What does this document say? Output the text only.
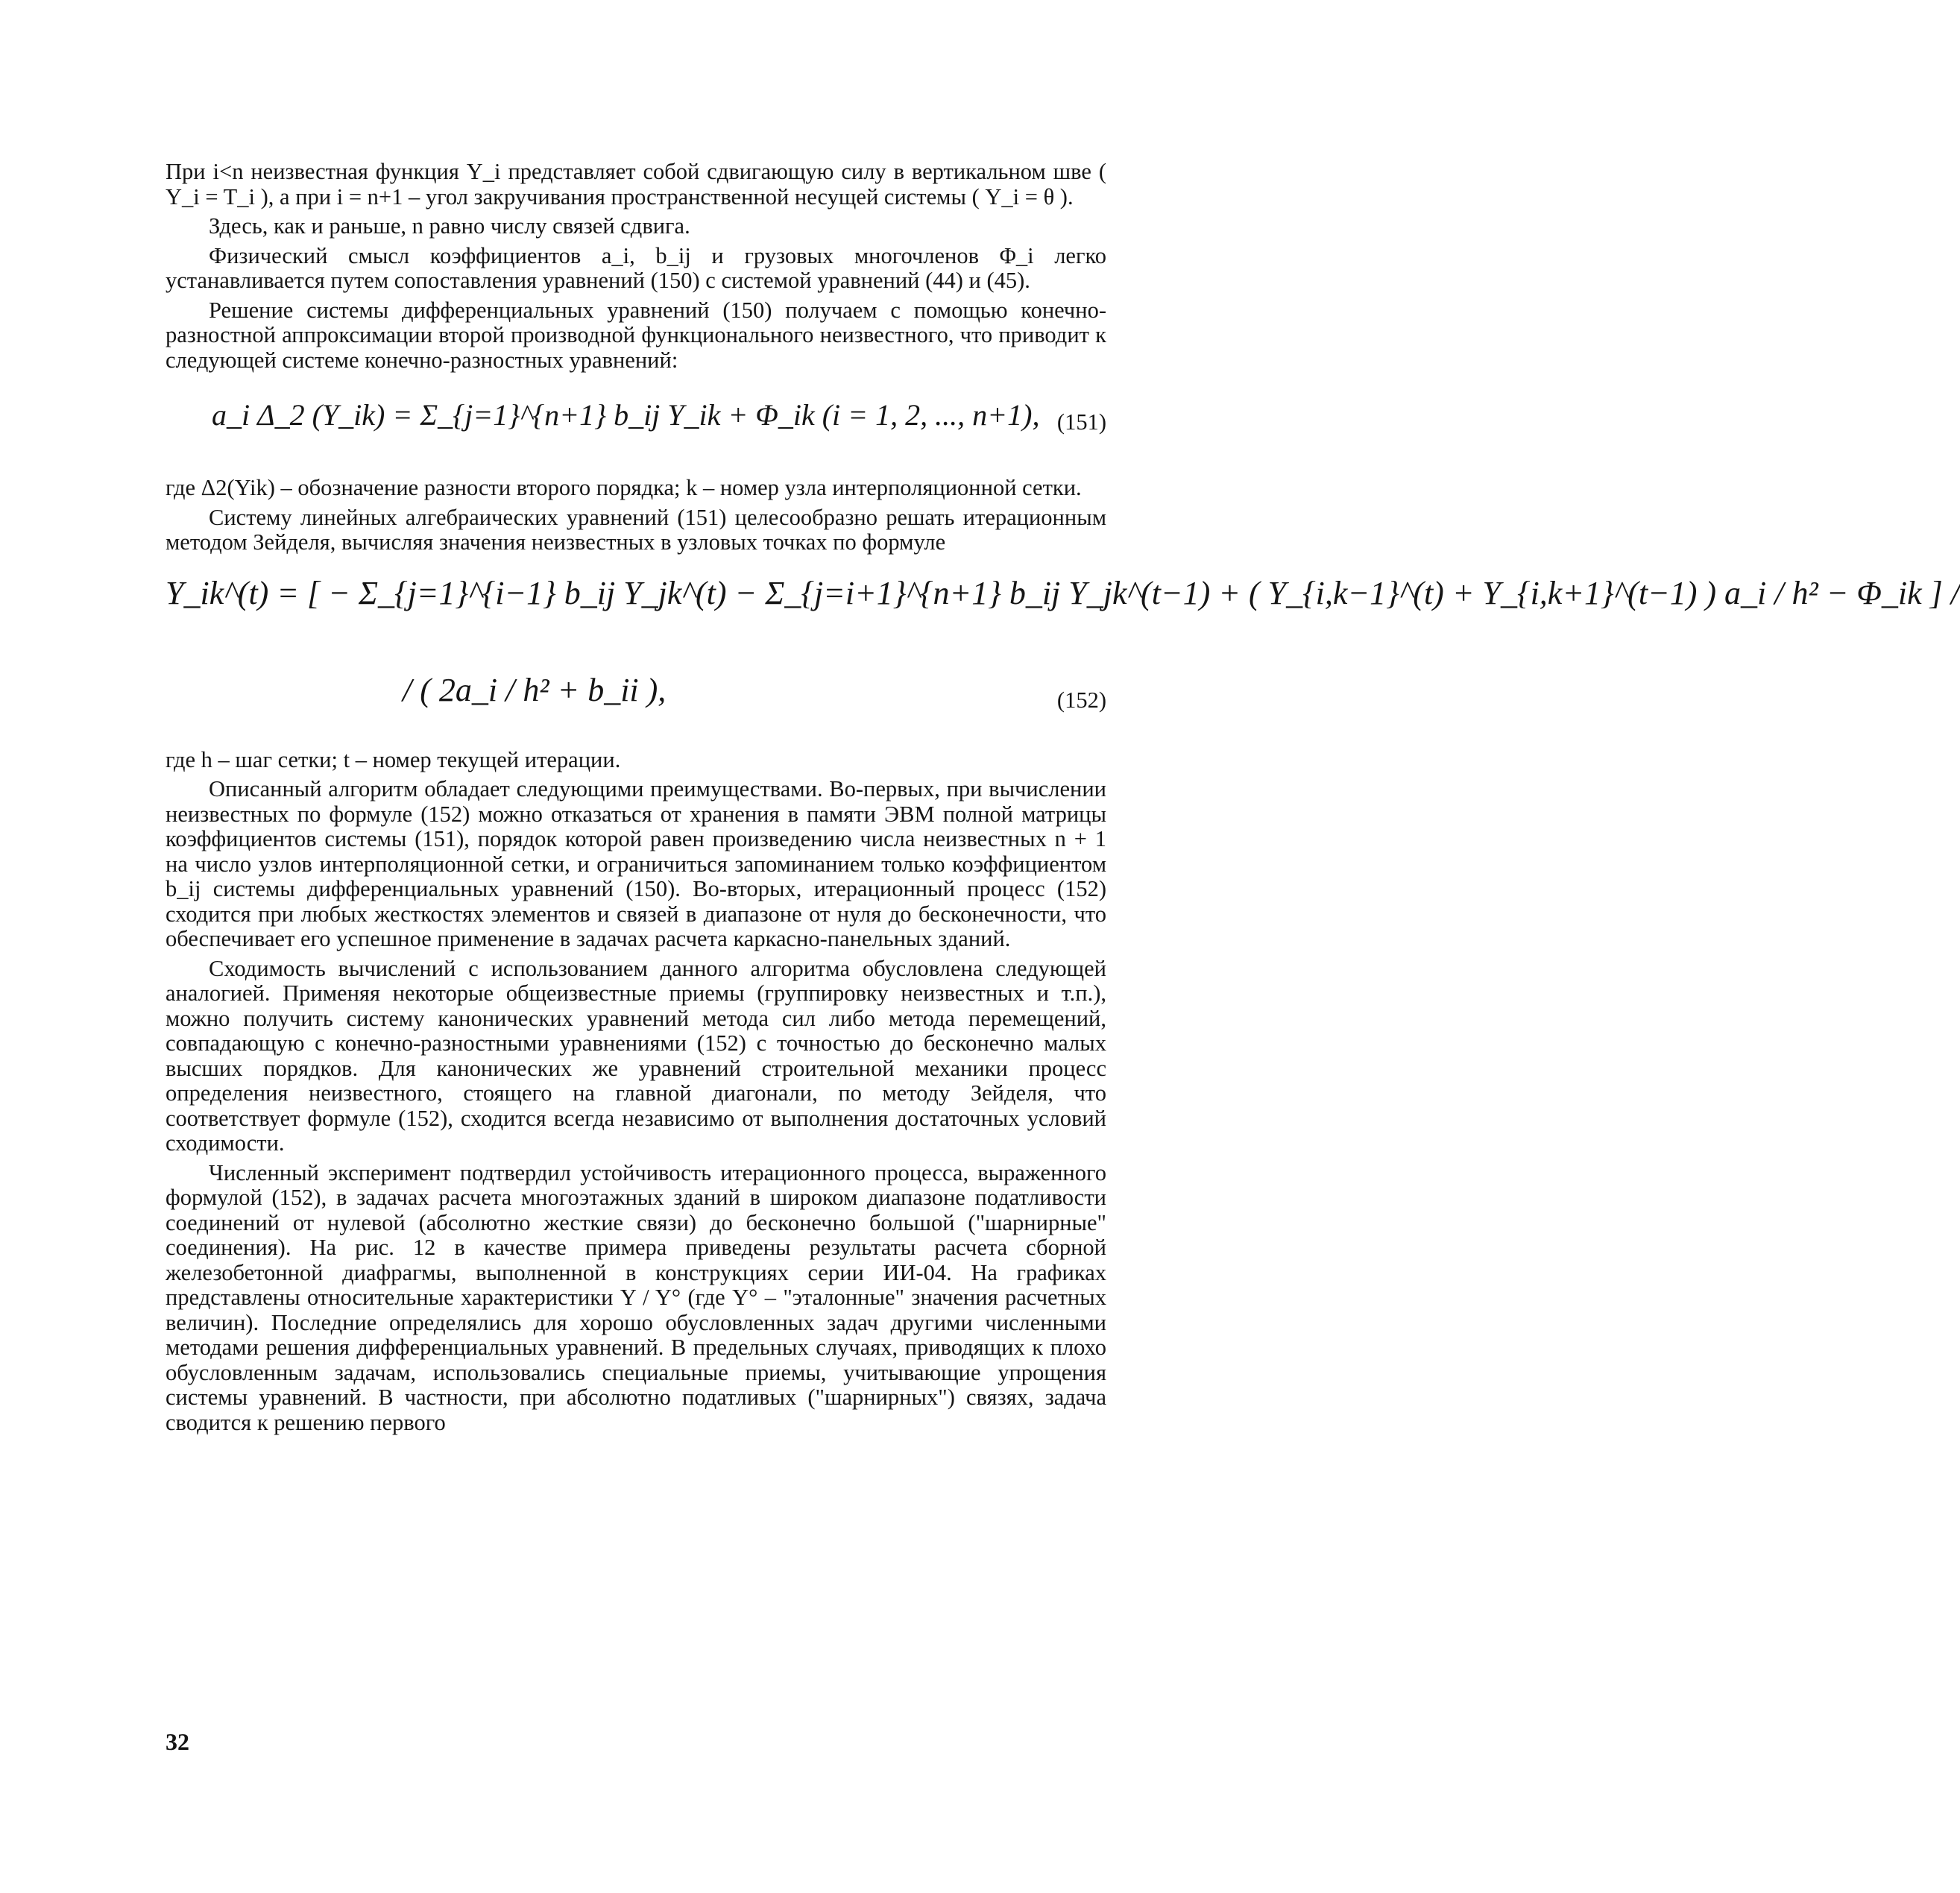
При i<n неизвестная функция Y_i представляет собой сдвигающую силу в вертикальном шве ( Y_i = T_i ), а при i = n+1 – угол закручивания пространственной несущей системы ( Y_i = θ ).

Здесь, как и раньше, n равно числу связей сдвига.

Физический смысл коэффициентов a_i, b_ij и грузовых многочленов Φ_i легко устанавливается путем сопоставления уравнений (150) с системой уравнений (44) и (45).

Решение системы дифференциальных уравнений (150) получаем с помощью конечно-разностной аппроксимации второй производной функционального неизвестного, что приводит к следующей системе конечно-разностных уравнений:

a_i Δ_2 (Y_ik) = Σ_{j=1}^{n+1} b_ij Y_ik + Φ_ik (i = 1, 2, ..., n+1), (151)

где Δ2(Yik) – обозначение разности второго порядка; k – номер узла интерполяционной сетки.

Систему линейных алгебраических уравнений (151) целесообразно решать итерационным методом Зейделя, вычисляя значения неизвестных в узловых точках по формуле

Y_ik^(t) = [ − Σ_{j=1}^{i−1} b_ij Y_jk^(t) − Σ_{j=i+1}^{n+1} b_ij Y_jk^(t−1) + ( Y_{i,k−1}^(t) + Y_{i,k+1}^(t−1) ) a_i / h² − Φ_ik ] /
/ ( 2a_i / h² + b_ii ),	(152)

где h – шаг сетки; t – номер текущей итерации.

Описанный алгоритм обладает следующими преимуществами. Во-первых, при вычислении неизвестных по формуле (152) можно отказаться от хранения в памяти ЭВМ полной матрицы коэффициентов системы (151), порядок которой равен произведению числа неизвестных n + 1 на число узлов интерполяционной сетки, и ограничиться запоминанием только коэффициентом b_ij системы дифференциальных уравнений (150). Во-вторых, итерационный процесс (152) сходится при любых жесткостях элементов и связей в диапазоне от нуля до бесконечности, что обеспечивает его успешное применение в задачах расчета каркасно-панельных зданий.

Сходимость вычислений с использованием данного алгоритма обусловлена следующей аналогией. Применяя некоторые общеизвестные приемы (группировку неизвестных и т.п.), можно получить систему канонических уравнений метода сил либо метода перемещений, совпадающую с конечно-разностными уравнениями (152) с точностью до бесконечно малых высших порядков. Для канонических же уравнений строительной механики процесс определения неизвестного, стоящего на главной диагонали, по методу Зейделя, что соответствует формуле (152), сходится всегда независимо от выполнения достаточных условий сходимости.

Численный эксперимент подтвердил устойчивость итерационного процесса, выраженного формулой (152), в задачах расчета многоэтажных зданий в широком диапазоне податливости соединений от нулевой (абсолютно жесткие связи) до бесконечно большой ("шарнирные" соединения). На рис. 12 в качестве примера приведены результаты расчета сборной железобетонной диафрагмы, выполненной в конструкциях серии ИИ-04. На графиках представлены относительные характеристики Y / Y° (где Y° – "эталонные" значения расчетных величин). Последние определялись для хорошо обусловленных задач другими численными методами решения дифференциальных уравнений. В предельных случаях, приводящих к плохо обусловленным задачам, использовались специальные приемы, учитывающие упрощения системы уравнений. В частности, при абсолютно податливых ("шарнирных") связях, задача сводится к решению первого

32
